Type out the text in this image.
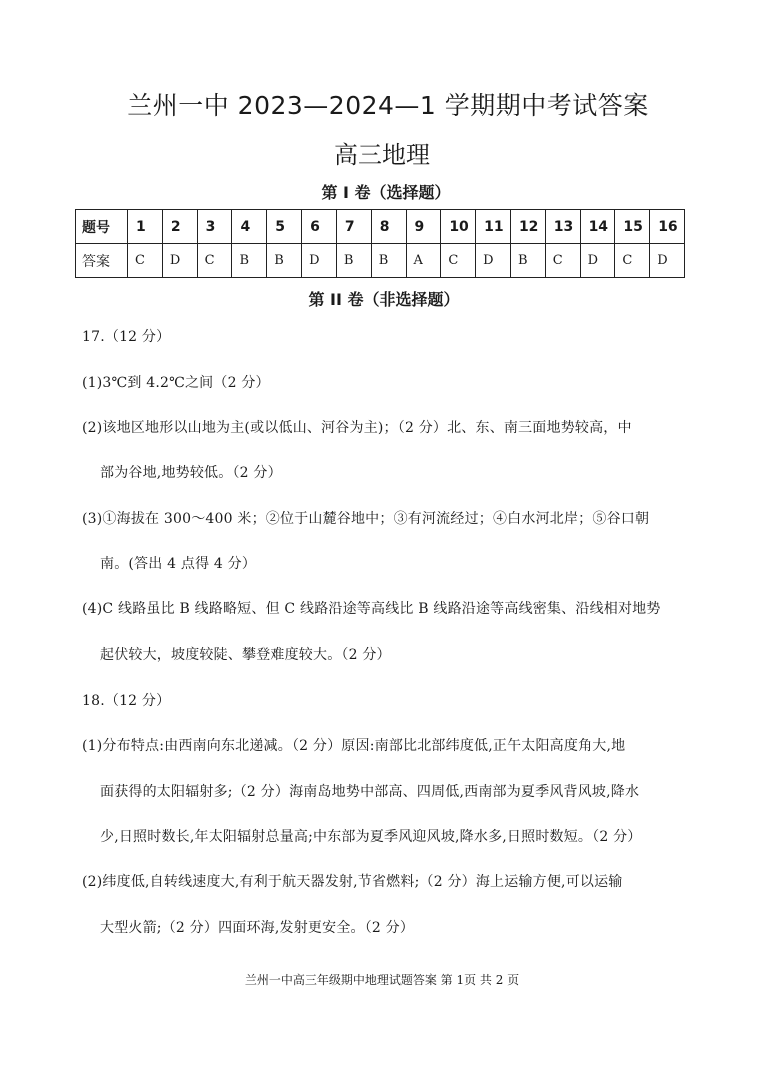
兰州一中 2023—2024—1 学期期中考试答案
高三地理
第 I 卷（选择题）
题号	1	2	3	4	5	6	7	8	9	10	11	12	13	14	15	16
答案	C	D	C	B	B	D	B	B	A	C	D	B	C	D	C	D
第 II 卷（非选择题）
17.（12 分）
(1)3℃到 4.2℃之间（2 分）
(2)该地区地形以山地为主(或以低山、河谷为主)；（2 分）北、东、南三面地势较高，中
部为谷地,地势较低。（2 分）
(3)①海拔在 300～400 米；②位于山麓谷地中；③有河流经过；④白水河北岸；⑤谷口朝
南。(答出 4 点得 4 分）
(4)C 线路虽比 B 线路略短、但 C 线路沿途等高线比 B 线路沿途等高线密集、沿线相对地势
起伏较大，坡度较陡、攀登难度较大。（2 分）
18.（12 分）
(1)分布特点:由西南向东北递减。（2 分）原因:南部比北部纬度低,正午太阳高度角大,地
面获得的太阳辐射多;（2 分）海南岛地势中部高、四周低,西南部为夏季风背风坡,降水
少,日照时数长,年太阳辐射总量高;中东部为夏季风迎风坡,降水多,日照时数短。（2 分）
(2)纬度低,自转线速度大,有利于航天器发射,节省燃料;（2 分）海上运输方便,可以运输
大型火箭;（2 分）四面环海,发射更安全。（2 分）
兰州一中高三年级期中地理试题答案 第 1页 共 2 页
